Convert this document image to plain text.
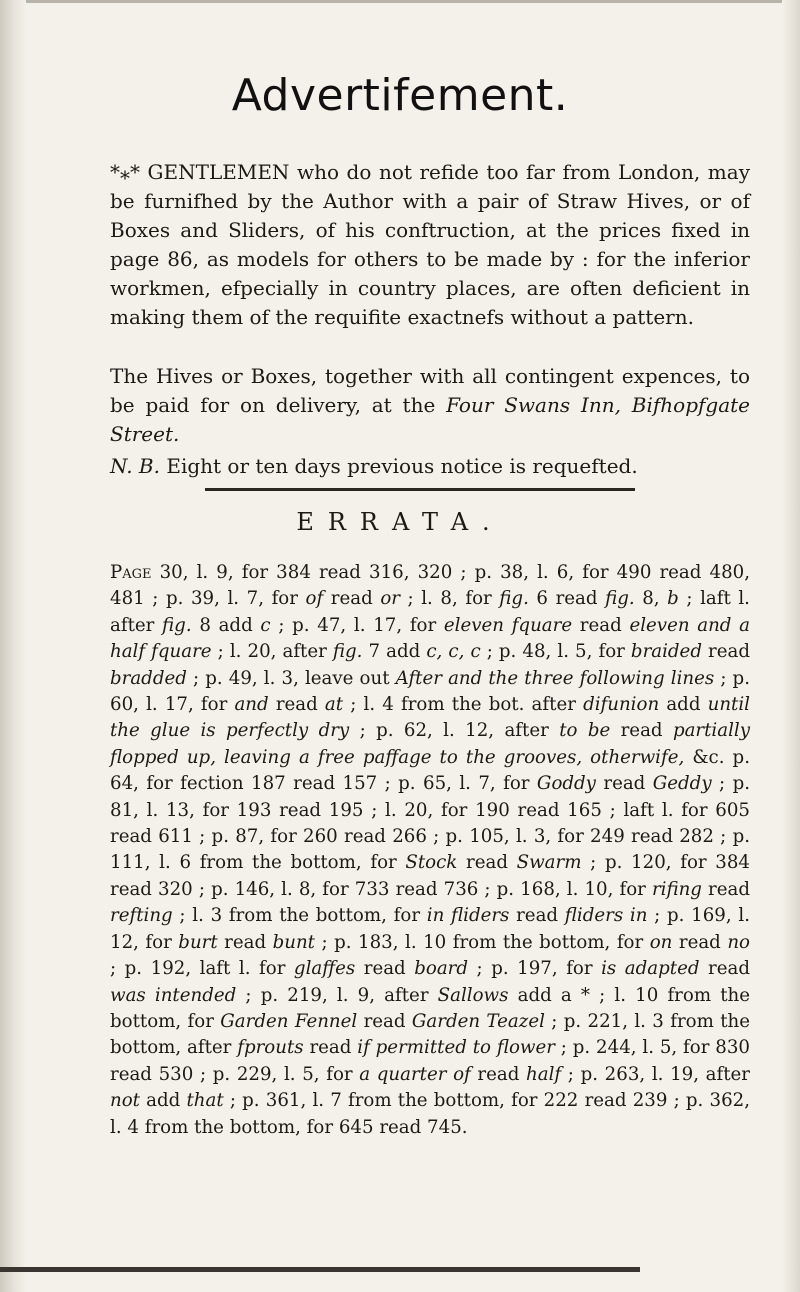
Advertifement.
*⁎* GENTLEMEN who do not refide too far from London, may be furnifhed by the Author with a pair of Straw Hives, or of Boxes and Sliders, of his conftruction, at the prices fixed in page 86, as models for others to be made by : for the inferior workmen, efpecially in country places, are often deficient in making them of the requifite exactnefs without a pattern.
The Hives or Boxes, together with all contingent expences, to be paid for on delivery, at the Four Swans Inn, Bifhopfgate Street.
N. B. Eight or ten days previous notice is requefted.
ERRATA.
Page 30, l. 9, for 384 read 316, 320 ; p. 38, l. 6, for 490 read 480, 481 ; p. 39, l. 7, for of read or ; l. 8, for fig. 6 read fig. 8, b ; laft l. after fig. 8 add c ; p. 47, l. 17, for eleven fquare read eleven and a half fquare ; l. 20, after fig. 7 add c, c, c ; p. 48, l. 5, for braided read bradded ; p. 49, l. 3, leave out After and the three following lines ; p. 60, l. 17, for and read at ; l. 4 from the bot. after difunion add until the glue is perfectly dry ; p. 62, l. 12, after to be read partially flopped up, leaving a free paffage to the grooves, otherwife, &c. p. 64, for fection 187 read 157 ; p. 65, l. 7, for Goddy read Geddy ; p. 81, l. 13, for 193 read 195 ; l. 20, for 190 read 165 ; laft l. for 605 read 611 ; p. 87, for 260 read 266 ; p. 105, l. 3, for 249 read 282 ; p. 111, l. 6 from the bottom, for Stock read Swarm ; p. 120, for 384 read 320 ; p. 146, l. 8, for 733 read 736 ; p. 168, l. 10, for rifing read refting ; l. 3 from the bottom, for in fliders read fliders in ; p. 169, l. 12, for burt read bunt ; p. 183, l. 10 from the bottom, for on read no ; p. 192, laft l. for glaffes read board ; p. 197, for is adapted read was intended ; p. 219, l. 9, after Sallows add a * ; l. 10 from the bottom, for Garden Fennel read Garden Teazel ; p. 221, l. 3 from the bottom, after fprouts read if permitted to flower ; p. 244, l. 5, for 830 read 530 ; p. 229, l. 5, for a quarter of read half ; p. 263, l. 19, after not add that ; p. 361, l. 7 from the bottom, for 222 read 239 ; p. 362, l. 4 from the bottom, for 645 read 745.
